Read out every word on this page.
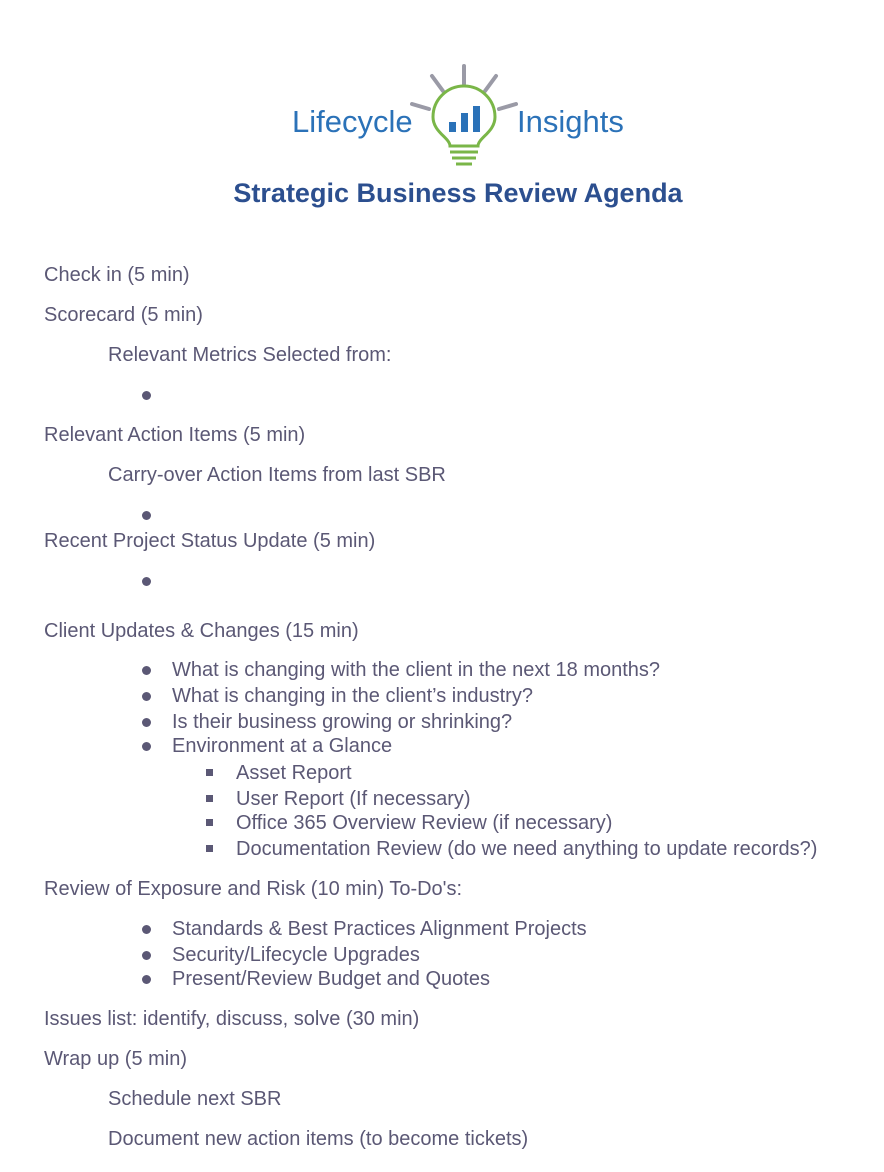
Lifecycle	Insights
Strategic Business Review Agenda
Check in (5 min)
Scorecard (5 min)
Relevant Metrics Selected from:
Relevant Action Items (5 min)
Carry-over Action Items from last SBR
Recent Project Status Update (5 min)
Client Updates & Changes (15 min)
What is changing with the client in the next 18 months?
What is changing in the client’s industry?
Is their business growing or shrinking?
Environment at a Glance
Asset Report
User Report (If necessary)
Office 365 Overview Review (if necessary)
Documentation Review (do we need anything to update records?)
Review of Exposure and Risk (10 min) To-Do's:
Standards & Best Practices Alignment Projects
Security/Lifecycle Upgrades
Present/Review Budget and Quotes
Issues list: identify, discuss, solve (30 min)
Wrap up (5 min)
Schedule next SBR
Document new action items (to become tickets)
